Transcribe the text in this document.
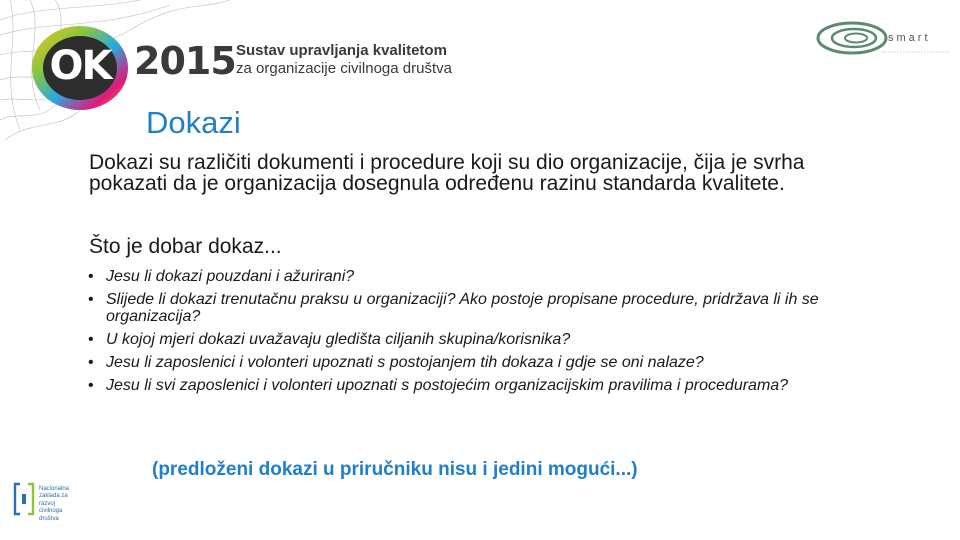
OK 2015 Sustav upravljanja kvalitetom
za organizacije civilnoga društva
smart
Dokazi

Dokazi su različiti dokumenti i procedure koji su dio organizacije, čija je svrha pokazati da je organizacija dosegnula određenu razinu standarda kvalitete.

Što je dobar dokaz...

• Jesu li dokazi pouzdani i ažurirani?
• Slijede li dokazi trenutačnu praksu u organizaciji? Ako postoje propisane procedure, pridržava li ih se organizacija?
• U kojoj mjeri dokazi uvažavaju gledišta ciljanih skupina/korisnika?
• Jesu li zaposlenici i volonteri upoznati s postojanjem tih dokaza i gdje se oni nalaze?
• Jesu li svi zaposlenici i volonteri upoznati s postojećim organizacijskim pravilima i procedurama?

(predloženi dokazi u priručniku nisu i jedini mogući...)

Nacionalna
zaklada za
razvoj
civilnoga
društva
